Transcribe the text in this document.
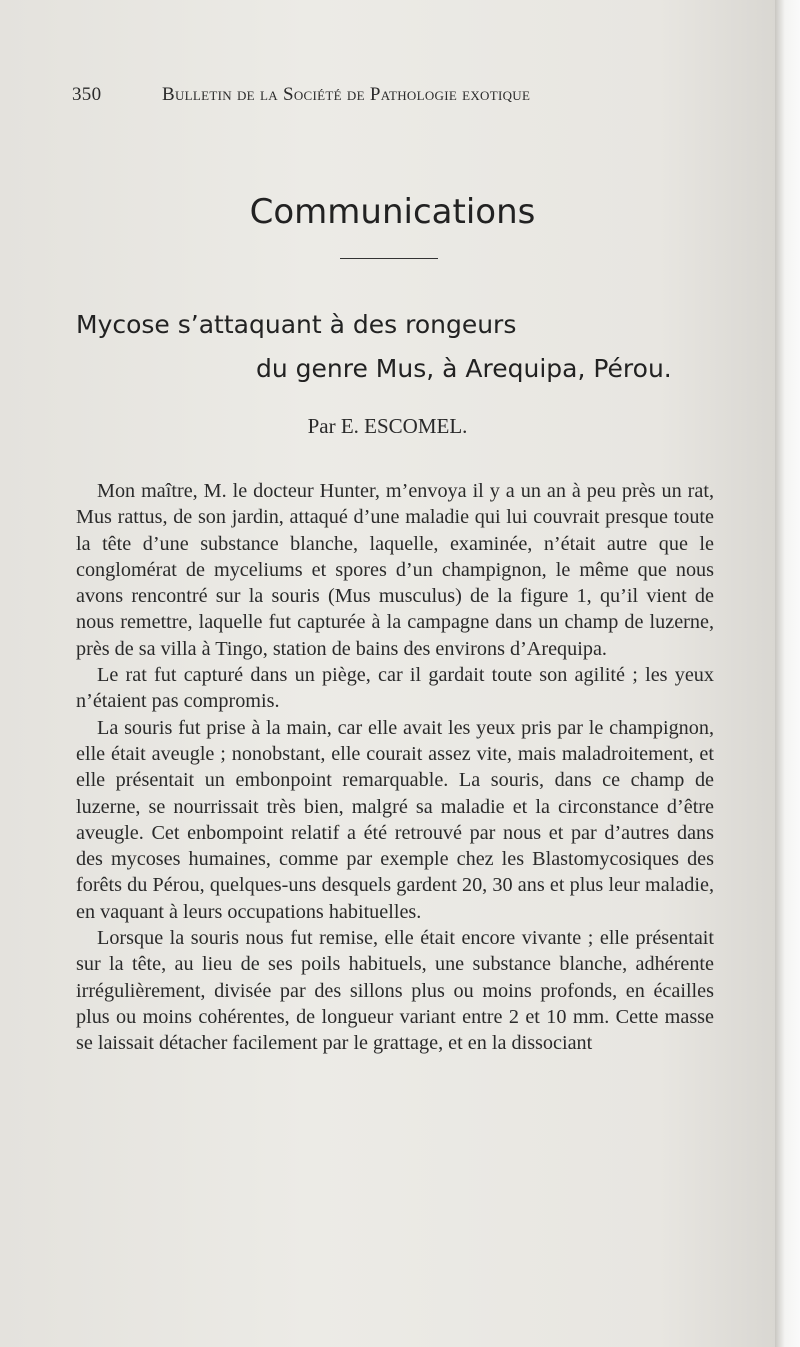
350	Bulletin de la Société de Pathologie exotique
Communications
Mycose s’attaquant à des rongeurs
du genre Mus, à Arequipa, Pérou.
Par E. ESCOMEL.

Mon maître, M. le docteur Hunter, m’envoya il y a un an à peu près un rat, Mus rattus, de son jardin, attaqué d’une maladie qui lui couvrait presque toute la tête d’une substance blanche, laquelle, examinée, n’était autre que le conglomérat de myceliums et spores d’un champignon, le même que nous avons rencontré sur la souris (Mus musculus) de la figure 1, qu’il vient de nous remettre, laquelle fut capturée à la campagne dans un champ de luzerne, près de sa villa à Tingo, station de bains des environs d’Arequipa.

Le rat fut capturé dans un piège, car il gardait toute son agilité ; les yeux n’étaient pas compromis.

La souris fut prise à la main, car elle avait les yeux pris par le champignon, elle était aveugle ; nonobstant, elle courait assez vite, mais maladroitement, et elle présentait un embonpoint remarquable. La souris, dans ce champ de luzerne, se nourrissait très bien, malgré sa maladie et la circonstance d’être aveugle. Cet enbompoint relatif a été retrouvé par nous et par d’autres dans des mycoses humaines, comme par exemple chez les Blastomycosiques des forêts du Pérou, quelques-uns desquels gardent 20, 30 ans et plus leur maladie, en vaquant à leurs occupations habituelles.

Lorsque la souris nous fut remise, elle était encore vivante ; elle présentait sur la tête, au lieu de ses poils habituels, une substance blanche, adhérente irrégulièrement, divisée par des sillons plus ou moins profonds, en écailles plus ou moins cohérentes, de longueur variant entre 2 et 10 mm. Cette masse se laissait détacher facilement par le grattage, et en la dissociant
